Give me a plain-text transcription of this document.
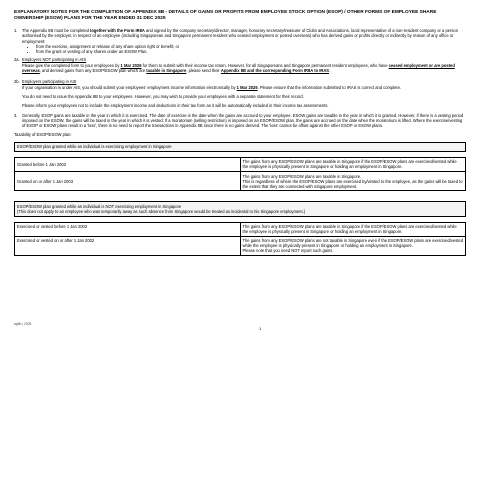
EXPLANATORY NOTES FOR THE COMPLETION OF APPENDIX 8B - DETAILS OF GAINS OR PROFITS FROM EMPLOYEE STOCK OPTION (ESOP) / OTHER FORMS OF EMPLOYEE SHARE OWNERSHIP (ESOW) PLANS FOR THE YEAR ENDED 31 DEC 2025
1.	The Appendix 8B must be completed together with the Form IR8A and signed by the company secretary/director, manager, honorary secretary/treasurer of Clubs and Associations, local representative of a non-resident company or a person authorised by the employer, in respect of an employee (including Singaporean and Singapore permanent resident who ceased employment or posted overseas) who has derived gains or profits directly or indirectly by reason of any office or employment:
• from the exercise, assignment or release of any share option right or benefit; or
• from the grant or vesting of any shares under an ESOW Plan.
2a. Employers NOT participating in AIS
Please give the completed form to your employees by 1 Mar 2026 for them to submit with their income tax return. However, for all Singaporeans and Singapore permanent resident employees, who have ceased employment or are posted overseas, and derived gains from any ESOP/ESOW plan which are taxable in Singapore, please send their Appendix 8B and the corresponding Form IR8A to IRAS.
2b. Employers participating in AIS
If your organisation is under AIS, you should submit your employees' employment income information electronically by 1 Mar 2026. Please ensure that the information submitted to IRAS is correct and complete.
You do not need to issue the Appendix 8B to your employees. However, you may wish to provide your employees with a separate statement for their record.
Please inform your employees not to include the employment income and deductions in their tax form as it will be automatically included in their income tax assessments.
3.	Generally, ESOP gains are taxable in the year in which it is exercised. The date of exercise is the date when the gains are accrued to your employee. ESOW gains are taxable in the year in which it is granted. However, if there is a vesting period imposed on the ESOW, the gains will be taxed in the year in which it is vested. If a moratorium (selling restriction) is imposed on an ESOP/ESOW plan, the gains are accrued on the date when the moratorium is lifted. Where the exercise/vesting of ESOP or ESOW plans result in a 'loss', there is no need to report the transactions in Appendix 8B since there is no gains derived. The 'loss' cannot be offset against the other ESOP or ESOW plans.
Taxability of ESOP/ESOW plan:
ESOP/ESOW plan granted while an individual is exercising employment in Singapore	

Granted before 1 Jan 2003	The gains from any ESOP/ESOW plans are taxable in Singapore if the ESOP/ESOW plans are exercised/vested while the employee is physically present in Singapore or holding an employment in Singapore.
Granted on or after 1 Jan 2003	The gains from any ESOP/ESOW plans are taxable in Singapore.
This is regardless of where the ESOP/ESOW plans are exercised by/vested to the employee, as the gains will be taxed to the extent that they are connected with Singapore employment.
ESOP/ESOW plan granted while an individual is NOT exercising employment in Singapore
(This does not apply to an employee who was temporarily away as such absence from Singapore would be treated as incidental to his Singapore employment.)	

Exercised or vested before 1 Jan 2002	The gains from any ESOP/ESOW plans are taxable in Singapore if the ESOP/ESOW plans are exercised/vested while the employee is physically present in Singapore or holding an employment in Singapore.
Exercised or vested on or after 1 Jan 2002	The gains from any ESOP/ESOW plans are not taxable in Singapore even if the ESOP/ESOW plans are exercised/vested while the employee is physically present in Singapore or holding an employment in Singapore.
Please note that you need NOT report such gains.
ap8b | 2025
1
